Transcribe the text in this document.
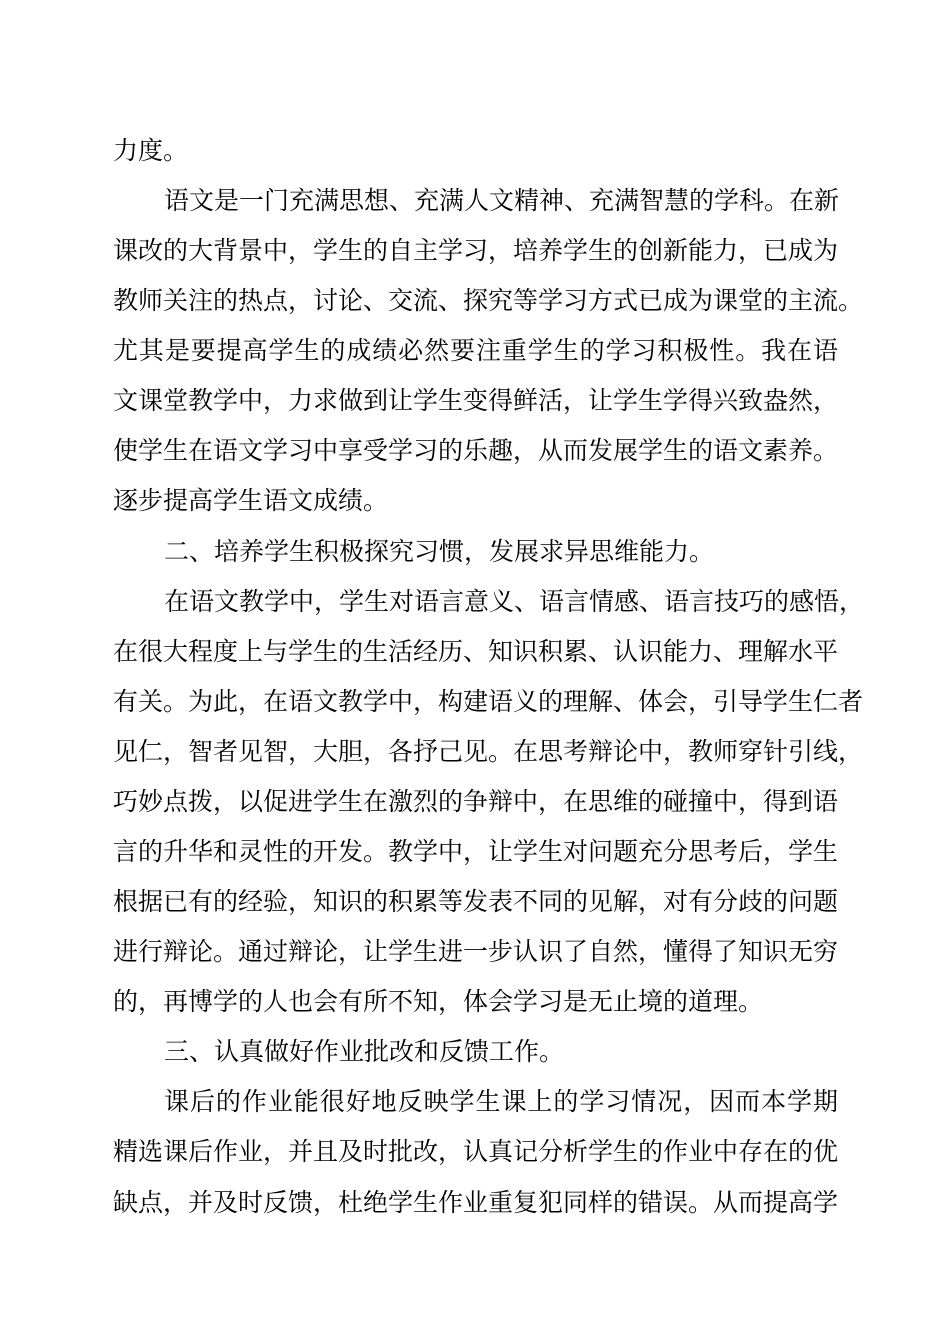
力度。

语文是一门充满思想、充满人文精神、充满智慧的学科。在新

课改的大背景中，学生的自主学习，培养学生的创新能力，已成为

教师关注的热点，讨论、交流、探究等学习方式已成为课堂的主流。

尤其是要提高学生的成绩必然要注重学生的学习积极性。我在语

文课堂教学中，力求做到让学生变得鲜活，让学生学得兴致盎然，

使学生在语文学习中享受学习的乐趣，从而发展学生的语文素养。

逐步提高学生语文成绩。

二、培养学生积极探究习惯，发展求异思维能力。

在语文教学中，学生对语言意义、语言情感、语言技巧的感悟，

在很大程度上与学生的生活经历、知识积累、认识能力、理解水平

有关。为此，在语文教学中，构建语义的理解、体会，引导学生仁者

见仁，智者见智，大胆，各抒己见。在思考辩论中，教师穿针引线，

巧妙点拨，以促进学生在激烈的争辩中，在思维的碰撞中，得到语

言的升华和灵性的开发。教学中，让学生对问题充分思考后，学生

根据已有的经验，知识的积累等发表不同的见解，对有分歧的问题

进行辩论。通过辩论，让学生进一步认识了自然，懂得了知识无穷

的，再博学的人也会有所不知，体会学习是无止境的道理。

三、认真做好作业批改和反馈工作。

课后的作业能很好地反映学生课上的学习情况，因而本学期

精选课后作业，并且及时批改，认真记分析学生的作业中存在的优

缺点，并及时反馈，杜绝学生作业重复犯同样的错误。从而提高学
